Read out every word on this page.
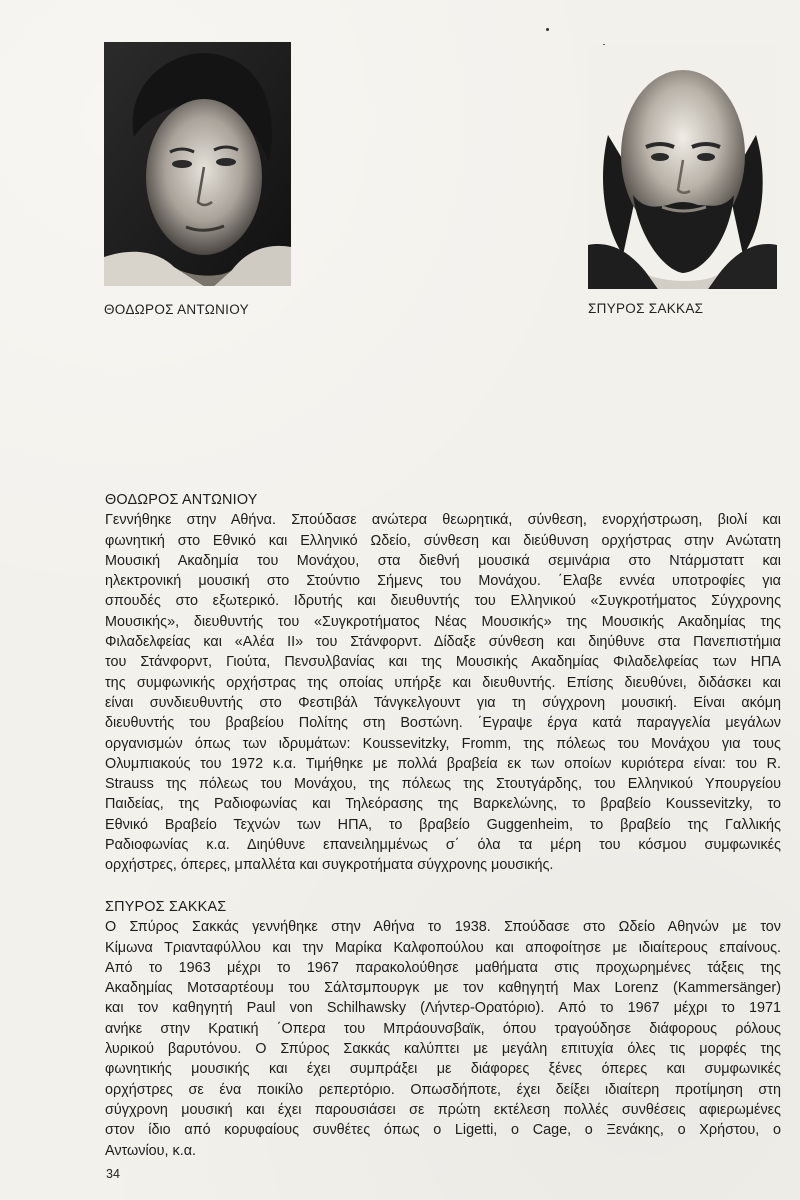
ΘΟΔΩΡΟΣ ΑΝΤΩΝΙΟΥ	ΣΠΥΡΟΣ ΣΑΚΚΑΣ
ΘΟΔΩΡΟΣ ΑΝΤΩΝΙΟΥ
Γεννήθηκε στην Αθήνα. Σπούδασε ανώτερα θεωρητικά, σύνθεση, ενορχήστρωση, βιολί και
φωνητική στο Εθνικό και Ελληνικό Ωδείο, σύνθεση και διεύθυνση ορχήστρας στην Ανώτατη
Μουσική Ακαδημία του Μονάχου, στα διεθνή μουσικά σεμινάρια στο Ντάρμσταττ και
ηλεκτρονική μουσική στο Στούντιο Σήμενς του Μονάχου. ΄Ελαβε εννέα υποτροφίες για
σπουδές στο εξωτερικό. Ιδρυτής και διευθυντής του Ελληνικού «Συγκροτήματος Σύγχρονης
Μουσικής», διευθυντής του «Συγκροτήματος Νέας Μουσικής» της Μουσικής Ακαδημίας της
Φιλαδελφείας και «Αλέα ΙΙ» του Στάνφορντ. Δίδαξε σύνθεση και διηύθυνε στα Πανεπιστήμια
του Στάνφορντ, Γιούτα, Πενσυλβανίας και της Μουσικής Ακαδημίας Φιλαδελφείας των ΗΠΑ
της συμφωνικής ορχήστρας της οποίας υπήρξε και διευθυντής. Επίσης διευθύνει, διδάσκει και
είναι συνδιευθυντής στο Φεστιβάλ Τάνγκελγουντ για τη σύγχρονη μουσική. Είναι ακόμη
διευθυντής του βραβείου Πολίτης στη Βοστώνη. ΄Εγραψε έργα κατά παραγγελία μεγάλων
οργανισμών όπως των ιδρυμάτων: Koussevitzky, Fromm, της πόλεως του Μονάχου για τους
Ολυμπιακούς του 1972 κ.α. Τιμήθηκε με πολλά βραβεία εκ των οποίων κυριότερα είναι: του R.
Strauss της πόλεως του Μονάχου, της πόλεως της Στουτγάρδης, του Ελληνικού Υπουργείου
Παιδείας, της Ραδιοφωνίας και Τηλεόρασης της Βαρκελώνης, το βραβείο Koussevitzky, το
Εθνικό Βραβείο Τεχνών των ΗΠΑ, το βραβείο Guggenheim, το βραβείο της Γαλλικής
Ραδιοφωνίας κ.α. Διηύθυνε επανειλημμένως σ΄ όλα τα μέρη του κόσμου συμφωνικές
ορχήστρες, όπερες, μπαλλέτα και συγκροτήματα σύγχρονης μουσικής.
ΣΠΥΡΟΣ ΣΑΚΚΑΣ
Ο Σπύρος Σακκάς γεννήθηκε στην Αθήνα το 1938. Σπούδασε στο Ωδείο Αθηνών με τον
Κίμωνα Τριανταφύλλου και την Μαρίκα Καλφοπούλου και αποφοίτησε με ιδιαίτερους επαίνους.
Από το 1963 μέχρι το 1967 παρακολούθησε μαθήματα στις προχωρημένες τάξεις της
Ακαδημίας Μοτσαρτέουμ του Σάλτσμπουργκ με τον καθηγητή Max Lorenz (Kammersänger)
και τον καθηγητή Paul von Schilhawsky (Λήντερ-Ορατόριο). Από το 1967 μέχρι το 1971
ανήκε στην Κρατική ΄Οπερα του Μπράουνσβαϊκ, όπου τραγούδησε διάφορους ρόλους
λυρικού βαρυτόνου. Ο Σπύρος Σακκάς καλύπτει με μεγάλη επιτυχία όλες τις μορφές της
φωνητικής μουσικής και έχει συμπράξει με διάφορες ξένες όπερες και συμφωνικές
ορχήστρες σε ένα ποικίλο ρεπερτόριο. Οπωσδήποτε, έχει δείξει ιδιαίτερη προτίμηση στη
σύγχρονη μουσική και έχει παρουσιάσει σε πρώτη εκτέλεση πολλές συνθέσεις αφιερωμένες
στον ίδιο από κορυφαίους συνθέτες όπως ο Ligetti, ο Cage, ο Ξενάκης, ο Χρήστου, ο
Αντωνίου, κ.α.
34
